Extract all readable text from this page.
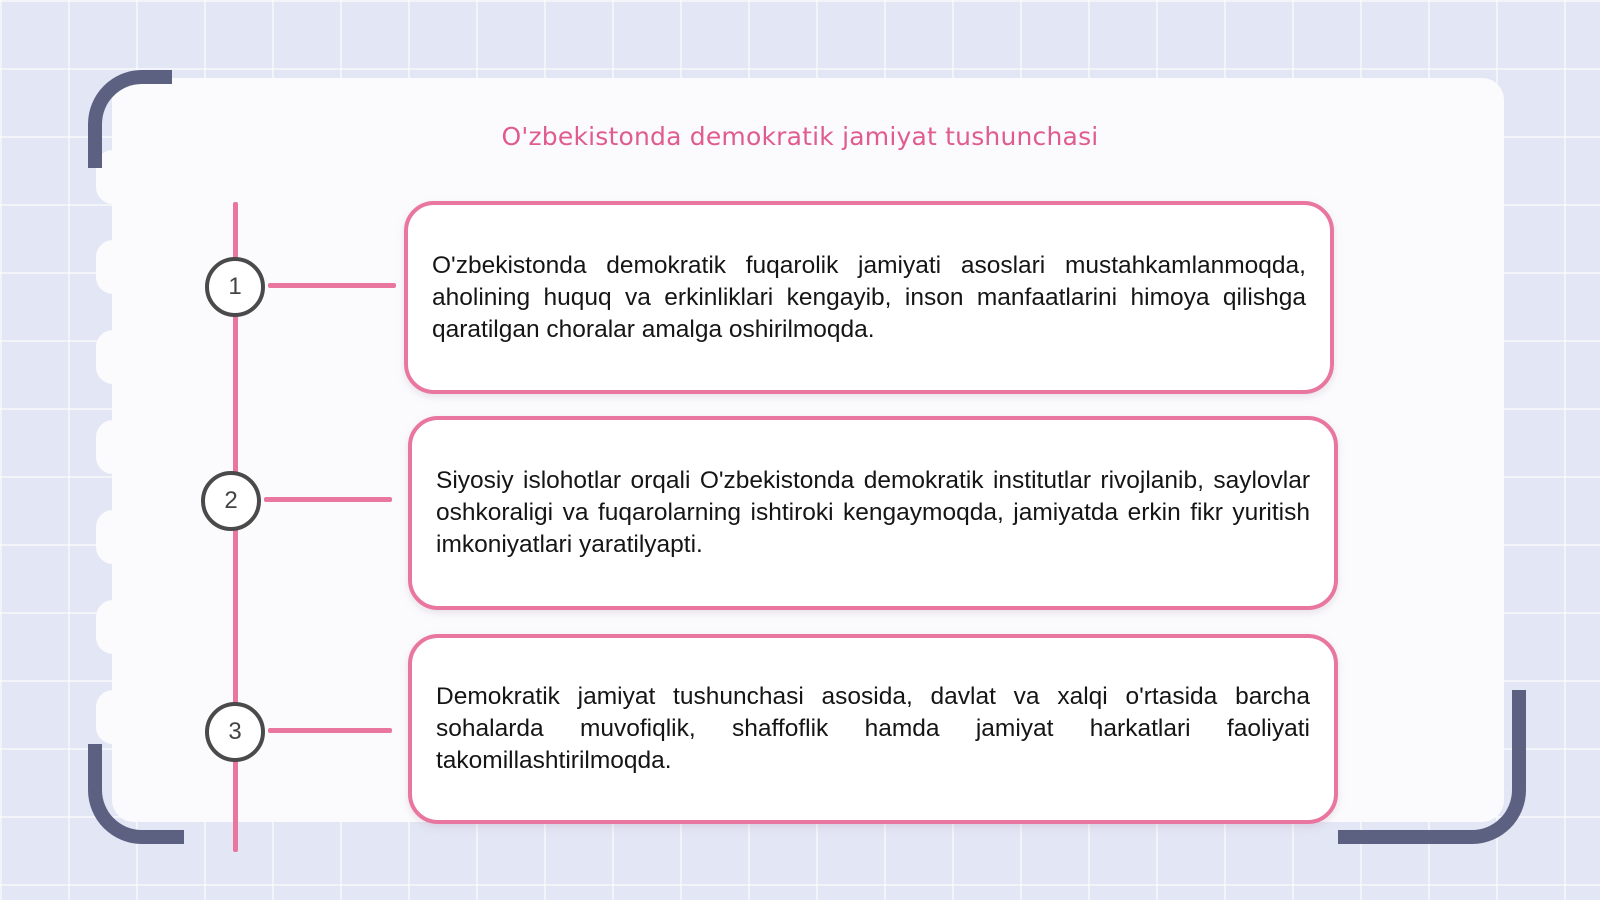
O'zbekistonda demokratik jamiyat tushunchasi
1
2
3

O'zbekistonda demokratik fuqarolik jamiyati asoslari mustahkamlanmoqda, aholining huquq va erkinliklari kengayib, inson manfaatlarini himoya qilishga qaratilgan choralar amalga oshirilmoqda.

Siyosiy islohotlar orqali O'zbekistonda demokratik institutlar rivojlanib, saylovlar oshkoraligi va fuqarolarning ishtiroki kengaymoqda, jamiyatda erkin fikr yuritish imkoniyatlari yaratilyapti.

Demokratik jamiyat tushunchasi asosida, davlat va xalqi o'rtasida barcha sohalarda muvofiqlik, shaffoflik hamda jamiyat harkatlari faoliyati takomillashtirilmoqda.
